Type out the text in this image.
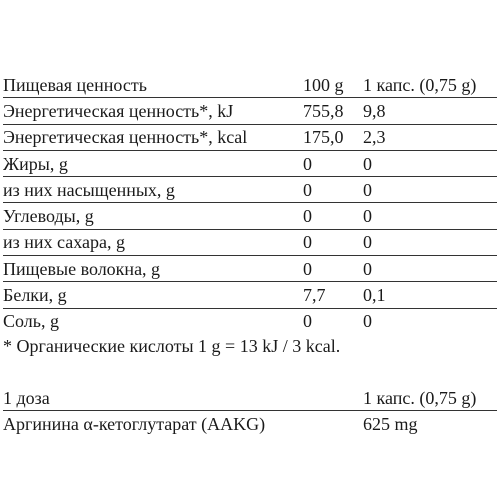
Пищевая ценность	100 g	1 капс. (0,75 g)
Энергетическая ценность*, kJ	755,8	9,8
Энергетическая ценность*, kcal	175,0	2,3
Жиры, g	0	0
из них насыщенных, g	0	0
Углеводы, g	0	0
из них сахара, g	0	0
Пищевые волокна, g	0	0
Белки, g	7,7	0,1
Соль, g	0	0
* Органические кислоты 1 g = 13 kJ / 3 kcal.
1 доза	1 капс. (0,75 g)
Аргинина α-кетоглутарат (AAKG)	625 mg
